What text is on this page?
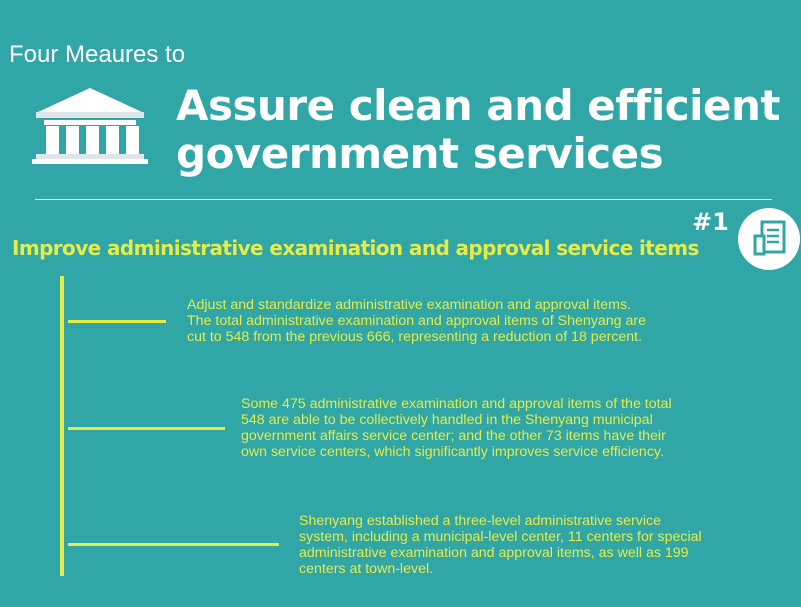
Four Meaures to
Assure clean and efficient
government services
#1
Improve administrative examination and approval service items
Adjust and standardize administrative examination and approval items.
The total administrative examination and approval items of Shenyang are
cut to 548 from the previous 666, representing a reduction of 18 percent.
Some 475 administrative examination and approval items of the total
548 are able to be collectively handled in the Shenyang municipal
government affairs service center; and the other 73 items have their
own service centers, which significantly improves service efficiency.
Shenyang established a three-level administrative service
system, including a municipal-level center, 11 centers for special
administrative examination and approval items, as well as 199
centers at town-level.
